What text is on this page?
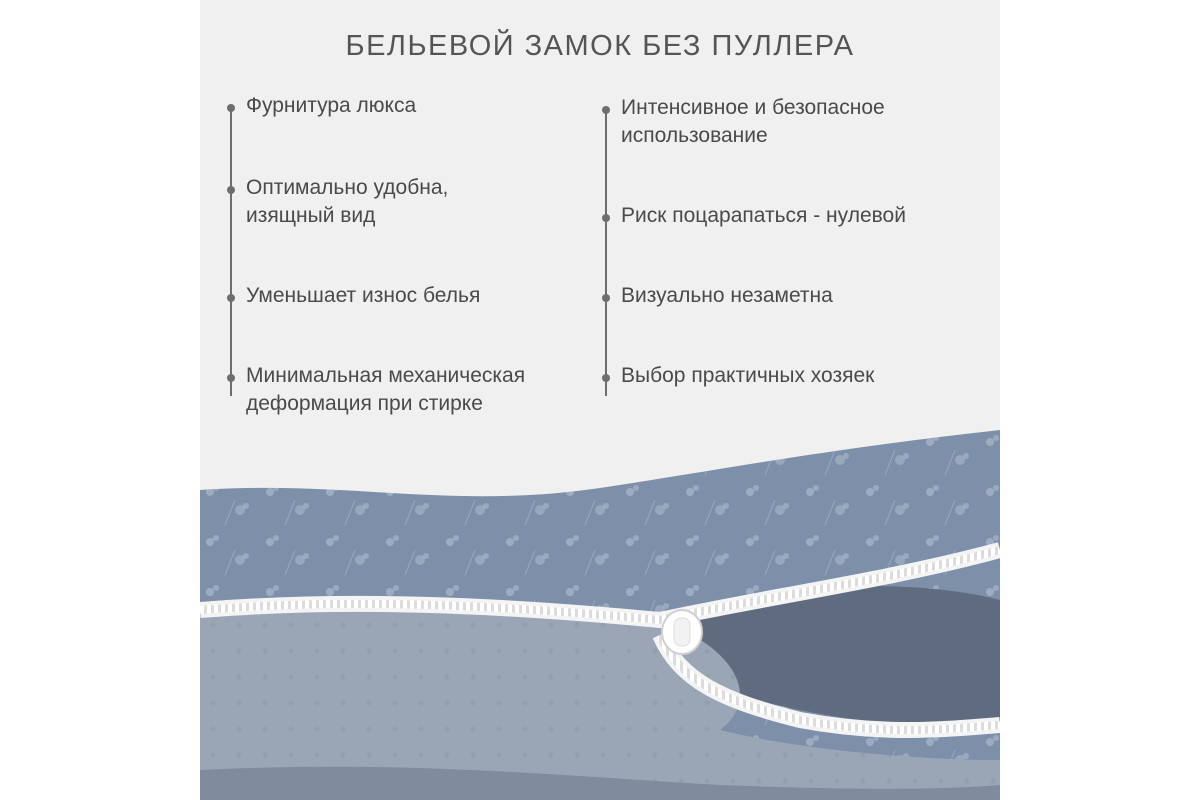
БЕЛЬЕВОЙ ЗАМОК БЕЗ ПУЛЛЕРА
Фурнитура люкса
Оптимально удобна, изящный вид
Уменьшает износ белья
Минимальная механическая деформация при стирке
Интенсивное и безопасное использование
Риск поцарапаться - нулевой
Визуально незаметна
Выбор практичных хозяек
